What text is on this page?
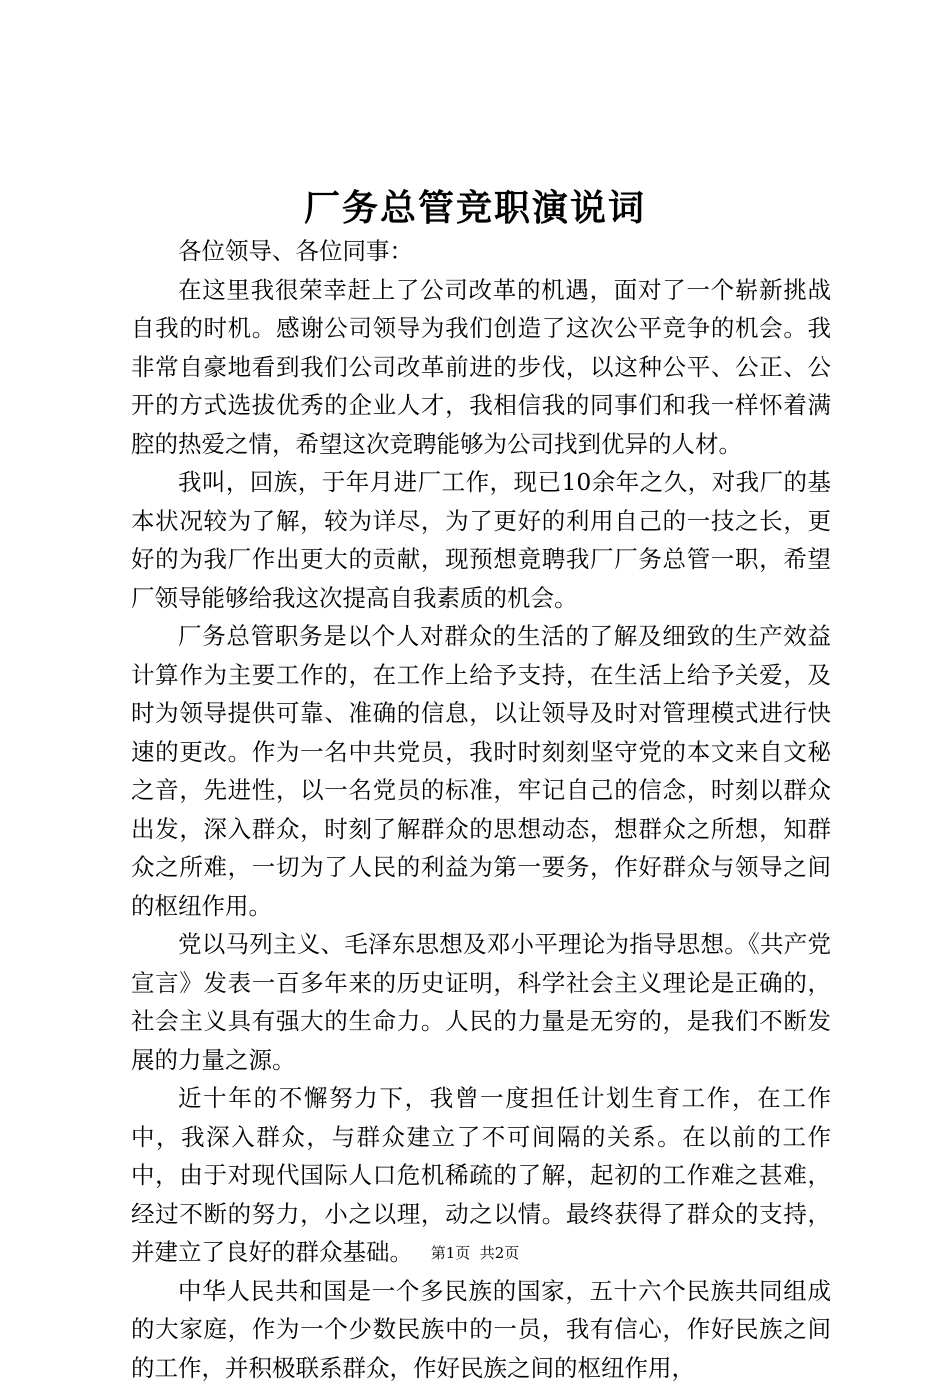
厂务总管竞职演说词

各位领导、各位同事：

在这里我很荣幸赶上了公司改革的机遇，面对了一个崭新挑战自我的时机。感谢公司领导为我们创造了这次公平竞争的机会。我非常自豪地看到我们公司改革前进的步伐，以这种公平、公正、公开的方式选拔优秀的企业人才，我相信我的同事们和我一样怀着满腔的热爱之情，希望这次竞聘能够为公司找到优异的人材。

我叫，回族，于年月进厂工作，现已10余年之久，对我厂的基本状况较为了解，较为详尽，为了更好的利用自己的一技之长，更好的为我厂作出更大的贡献，现预想竟聘我厂厂务总管一职，希望厂领导能够给我这次提高自我素质的机会。

厂务总管职务是以个人对群众的生活的了解及细致的生产效益计算作为主要工作的，在工作上给予支持，在生活上给予关爱，及时为领导提供可靠、准确的信息，以让领导及时对管理模式进行快速的更改。作为一名中共党员，我时时刻刻坚守党的本文来自文秘之音，先进性，以一名党员的标准，牢记自己的信念，时刻以群众出发，深入群众，时刻了解群众的思想动态，想群众之所想，知群众之所难，一切为了人民的利益为第一要务，作好群众与领导之间的枢纽作用。

党以马列主义、毛泽东思想及邓小平理论为指导思想。《共产党宣言》发表一百多年来的历史证明，科学社会主义理论是正确的，社会主义具有强大的生命力。人民的力量是无穷的，是我们不断发展的力量之源。

近十年的不懈努力下，我曾一度担任计划生育工作，在工作中，我深入群众，与群众建立了不可间隔的关系。在以前的工作中，由于对现代国际人口危机稀疏的了解，起初的工作难之甚难，经过不断的努力，小之以理，动之以情。最终获得了群众的支持，并建立了良好的群众基础。

中华人民共和国是一个多民族的国家，五十六个民族共同组成的大家庭，作为一个少数民族中的一员，我有信心，作好民族之间的工作，并积极联系群众，作好民族之间的枢纽作用，

第1页  共2页
